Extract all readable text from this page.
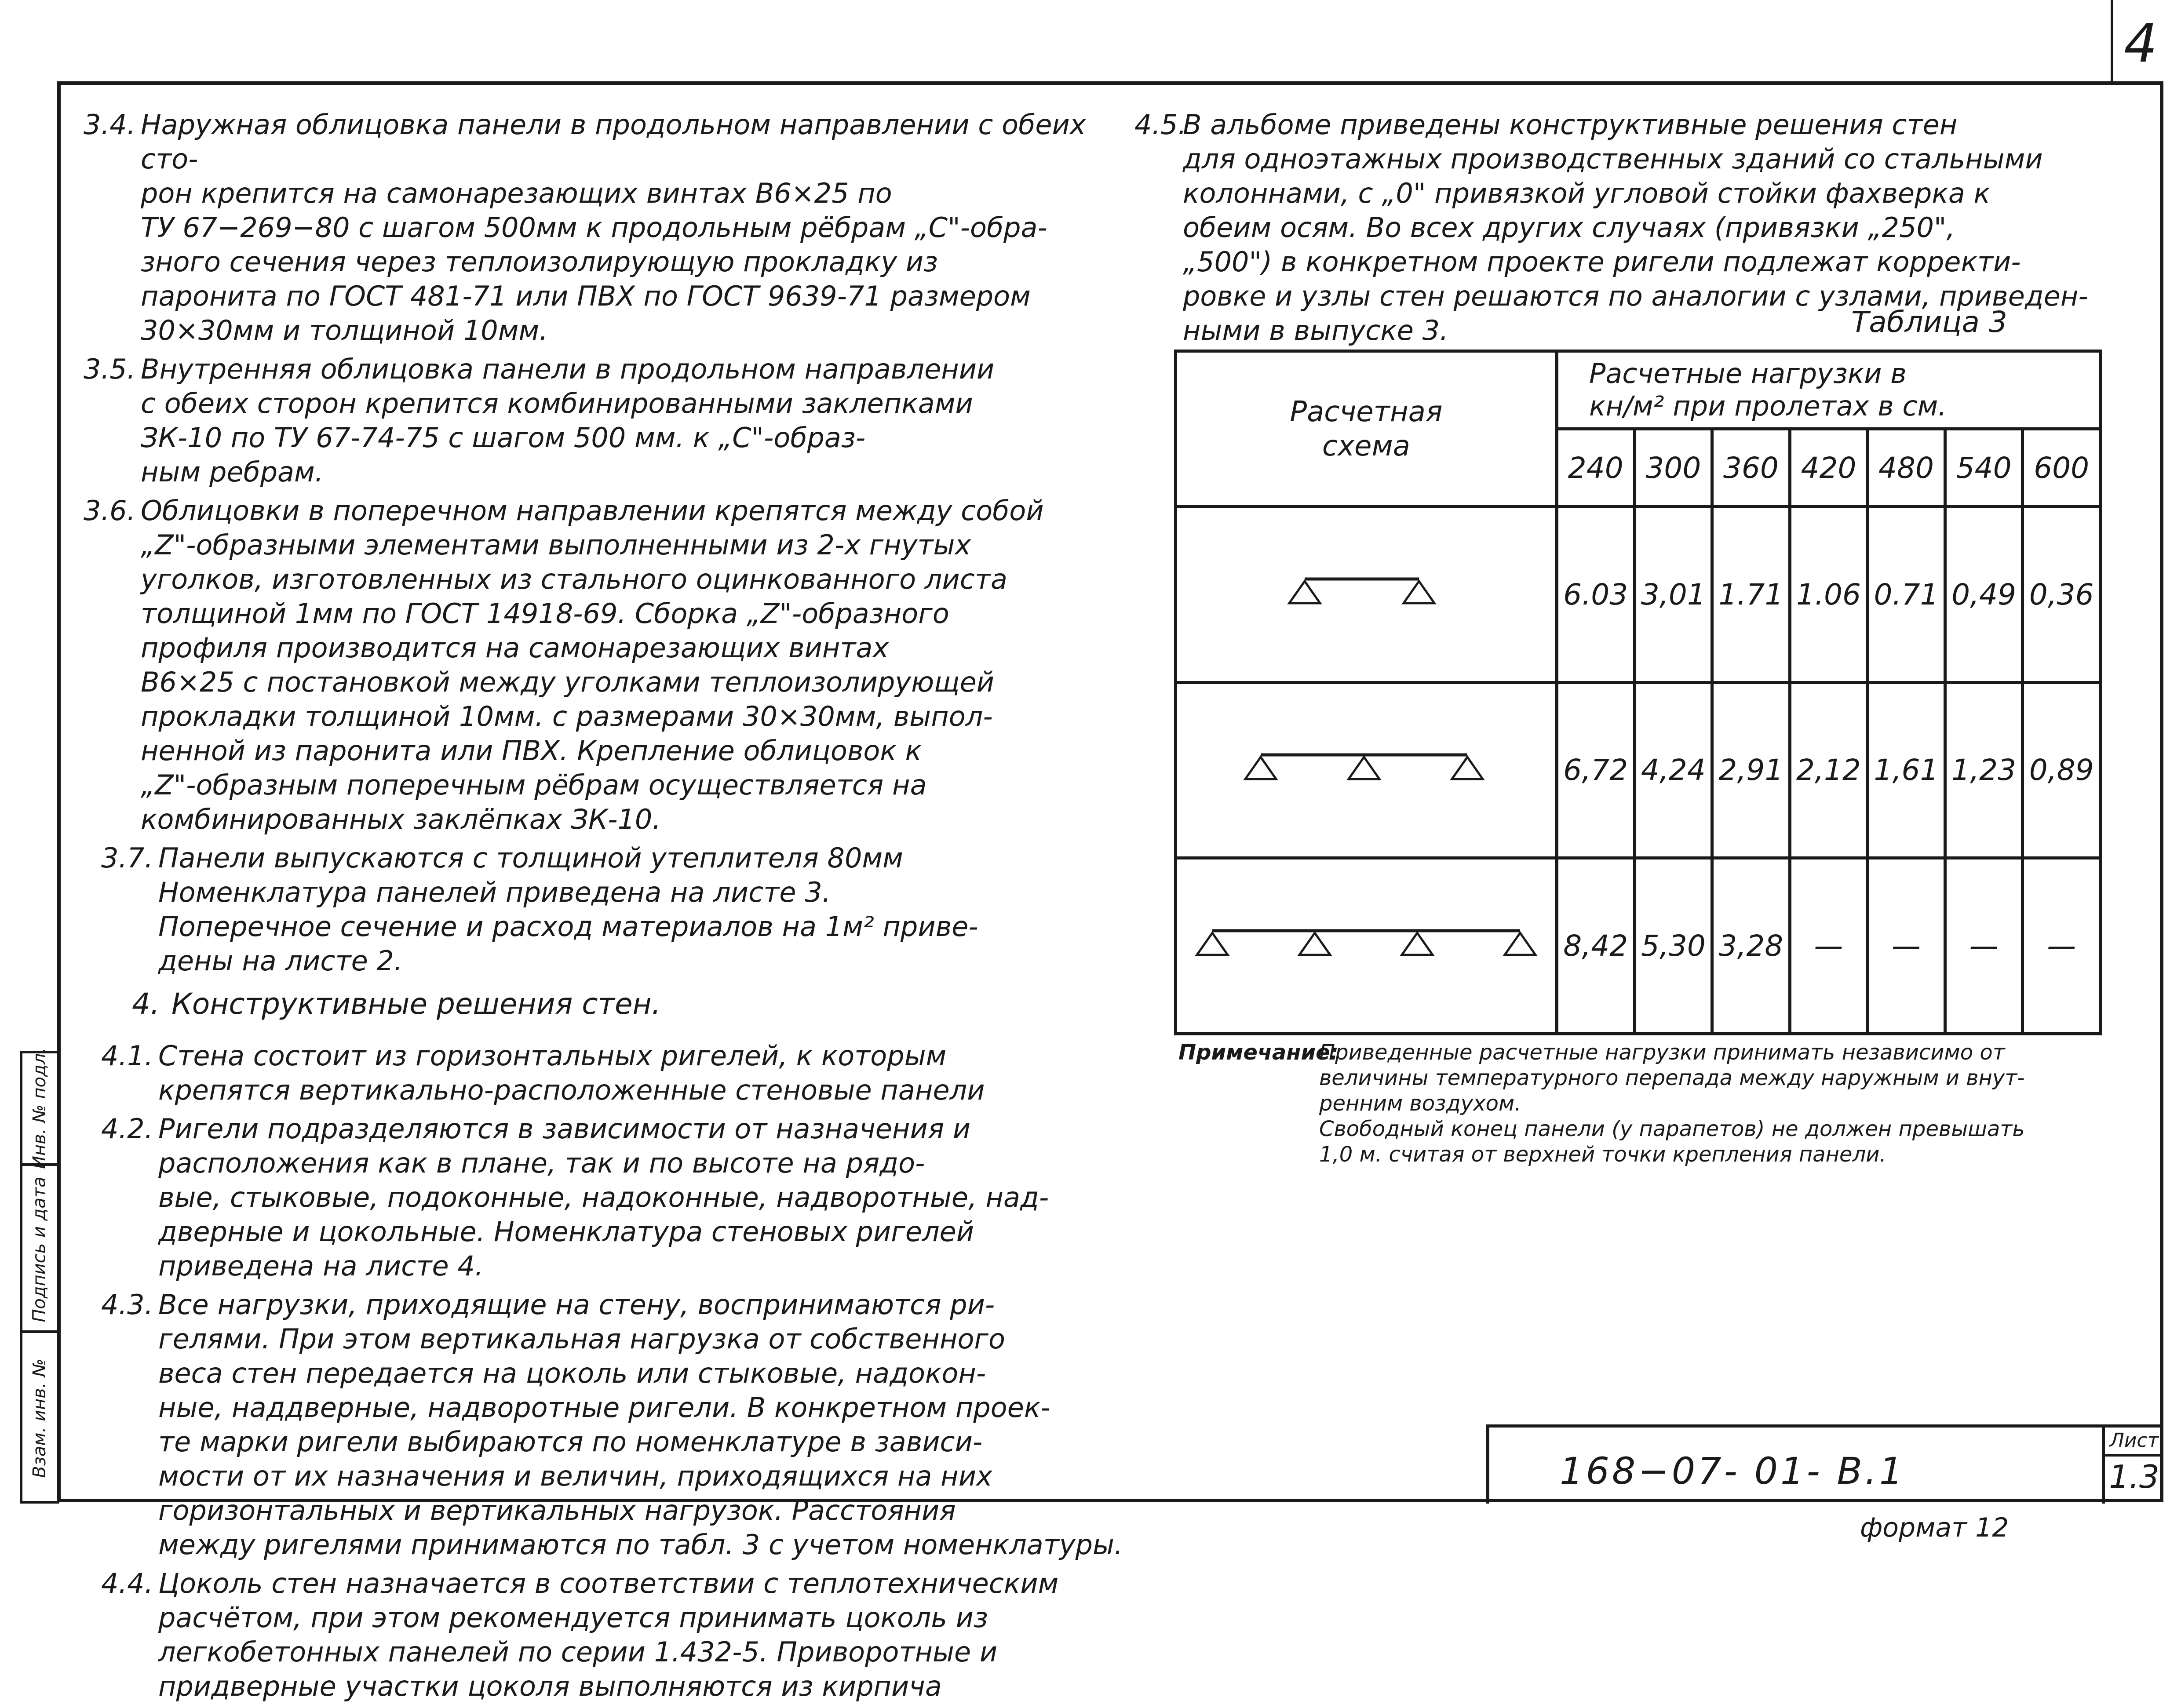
4
Инв. № подл.
Подпись и дата
Взам. инв. №
3.4. Наружная облицовка панели в продольном направлении с обеих сто-
рон крепится на самонарезающих винтах В6×25 по
ТУ 67−269−80 с шагом 500мм к продольным рёбрам „С"-обра-
зного сечения через теплоизолирующую прокладку из
паронита по ГОСТ 481-71 или ПВХ по ГОСТ 9639-71 размером
30×30мм и толщиной 10мм.
3.5. Внутренняя облицовка панели в продольном направлении
с обеих сторон крепится комбинированными заклепками
ЗК-10 по ТУ 67-74-75 с шагом 500 мм. к „С"-образ-
ным ребрам.
3.6. Облицовки в поперечном направлении крепятся между собой
„Z"-образными элементами выполненными из 2-х гнутых
уголков, изготовленных из стального оцинкованного листа
толщиной 1мм по ГОСТ 14918-69. Сборка „Z"-образного
профиля производится на самонарезающих винтах
В6×25 с постановкой между уголками теплоизолирующей
прокладки толщиной 10мм. с размерами 30×30мм, выпол-
ненной из паронита или ПВХ. Крепление облицовок к
„Z"-образным поперечным рёбрам осуществляется на
комбинированных заклёпках ЗК-10.
3.7. Панели выпускаются с толщиной утеплителя 80мм
Номенклатура панелей приведена на листе 3.
Поперечное сечение и расход материалов на 1м² приве-
дены на листе 2.
4. Конструктивные решения стен.
4.1. Стена состоит из горизонтальных ригелей, к которым
крепятся вертикально-расположенные стеновые панели
4.2. Ригели подразделяются в зависимости от назначения и
расположения как в плане, так и по высоте на рядо-
вые, стыковые, подоконные, надоконные, надворотные, над-
дверные и цокольные. Номенклатура стеновых ригелей
приведена на листе 4.
4.3. Все нагрузки, приходящие на стену, воспринимаются ри-
гелями. При этом вертикальная нагрузка от собственного
веса стен передается на цоколь или стыковые, надокон-
ные, наддверные, надворотные ригели. В конкретном проек-
те марки ригели выбираются по номенклатуре в зависи-
мости от их назначения и величин, приходящихся на них
горизонтальных и вертикальных нагрузок. Расстояния
между ригелями принимаются по табл. 3 с учетом номенклатуры.
4.4. Цоколь стен назначается в соответствии с теплотехническим
расчётом, при этом рекомендуется принимать цоколь из
легкобетонных панелей по серии 1.432-5. Приворотные и
придверные участки цоколя выполняются из кирпича
4.5.
В альбоме приведены конструктивные решения стен
для одноэтажных производственных зданий со стальными
колоннами, с „0" привязкой угловой стойки фахверка к
обеим осям. Во всех других случаях (привязки „250",
„500") в конкретном проекте ригели подлежат корректи-
ровке и узлы стен решаются по аналогии с узлами, приведен-
ными в выпуске 3.	Таблица 3
Расчетная
схема	Расчетные нагрузки в
кн/м² при пролетах в см.						

	240	300	360	420	480	540	600

	6.03	3,01	1.71	1.06	0.71	0,49	0,36

	6,72	4,24	2,91	2,12	1,61	1,23	0,89

	8,42	5,30	3,28	—	—	—	—
Примечание:
Приведенные расчетные нагрузки принимать независимо от
величины температурного перепада между наружным и внут-
ренним воздухом.
Свободный конец панели (у парапетов) не должен превышать
1,0 м. считая от верхней точки крепления панели.
168−07- 01- В.1
Лист
1.3
формат 12
